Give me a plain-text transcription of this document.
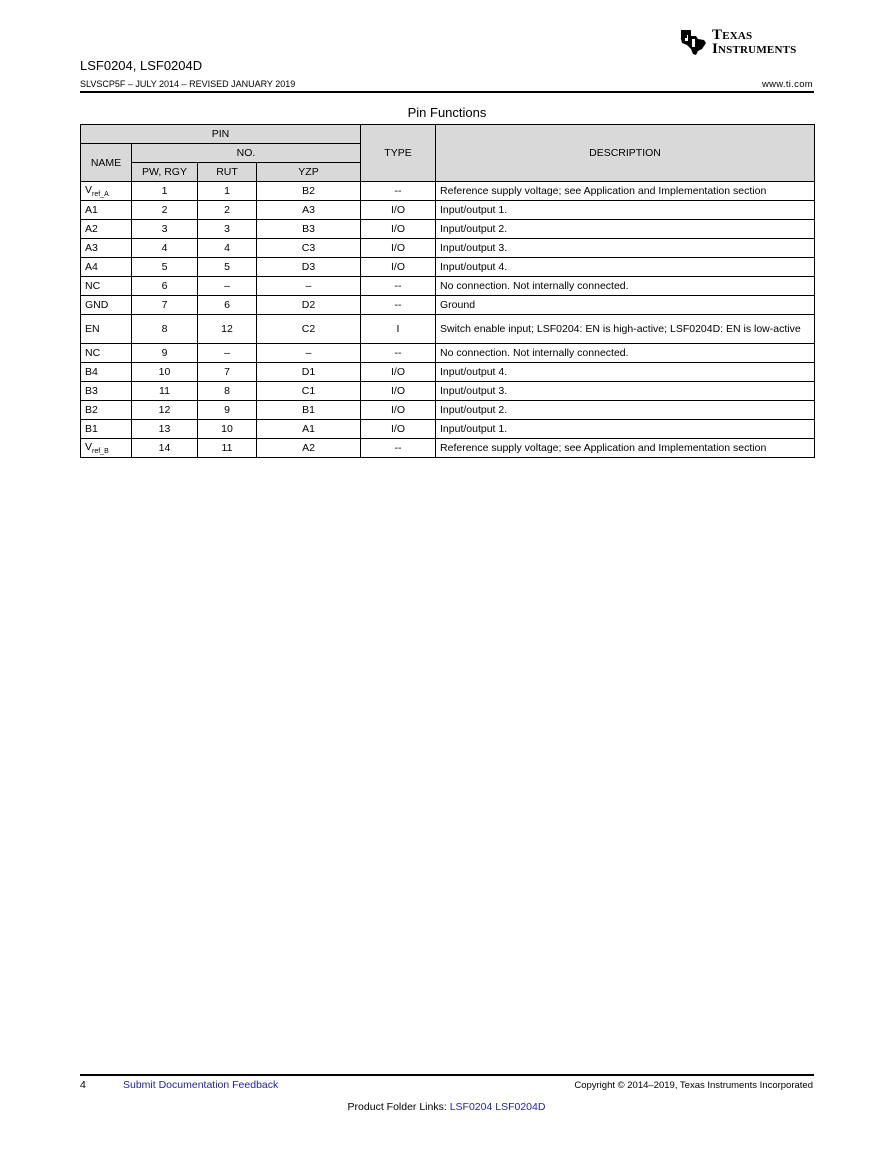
Texas
Instruments
LSF0204, LSF0204D
SLVSCP5F – JULY 2014 – REVISED JANUARY 2019	www.ti.com
Pin Functions
PIN				TYPE	DESCRIPTION
NAME	NO.				
	PW, RGY	RUT	YZP		
$V_{ref\_A}$	1	1	B2	--	Reference supply voltage; see Application and Implementation section
A1	2	2	A3	I/O	Input/output 1.
A2	3	3	B3	I/O	Input/output 2.
A3	4	4	C3	I/O	Input/output 3.
A4	5	5	D3	I/O	Input/output 4.
NC	6	–	–	--	No connection. Not internally connected.
GND	7	6	D2	--	Ground
EN	8	12	C2	I	Switch enable input; LSF0204: EN is high-active; LSF0204D: EN is low-active
NC	9	–	–	--	No connection. Not internally connected.
B4	10	7	D1	I/O	Input/output 4.
B3	11	8	C1	I/O	Input/output 3.
B2	12	9	B1	I/O	Input/output 2.
B1	13	10	A1	I/O	Input/output 1.
$V_{ref\_B}$	14	11	A2	--	Reference supply voltage; see Application and Implementation section
4	Submit Documentation Feedback	Copyright © 2014–2019, Texas Instruments Incorporated
Product Folder Links: LSF0204 LSF0204D
